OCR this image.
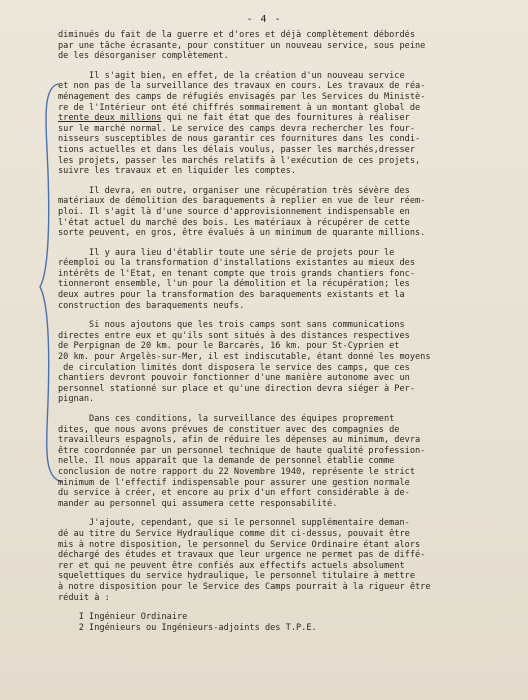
- 4 -
diminués du fait de la guerre et d'ores et déjà complètement débordés
par une tâche écrasante, pour constituer un nouveau service, sous peine
de les désorganiser complètement.
Il s'agit bien, en effet, de la création d'un nouveau service
et non pas de la surveillance des travaux en cours. Les travaux de réa-
ménagement des camps de réfugiés envisagés par les Services du Ministè-
re de l'Intérieur ont été chiffrés sommairement à un montant global de
trente deux millions qui ne fait état que des fournitures à réaliser
sur le marché normal. Le service des camps devra rechercher les four-
nisseurs susceptibles de nous garantir ces fournitures dans les condi-
tions actuelles et dans les délais voulus, passer les marchés,dresser
les projets, passer les marchés relatifs à l'exécution de ces projets,
suivre les travaux et en liquider les comptes.
Il devra, en outre, organiser une récupération très sévère des
matériaux de démolition des baraquements à replier en vue de leur réem-
ploi. Il s'agit là d'une source d'approvisionnement indispensable en
l'état actuel du marché des bois. Les matériaux à récupérer de cette
sorte peuvent, en gros, être évalués à un minimum de quarante millions.
Il y aura lieu d'établir toute une série de projets pour le
réemploi ou la transformation d'installations existantes au mieux des
intérêts de l'Etat, en tenant compte que trois grands chantiers fonc-
tionneront ensemble, l'un pour la démolition et la récupération; les
deux autres pour la transformation des baraquements existants et la
construction des baraquements neufs.
Si nous ajoutons que les trois camps sont sans communications
directes entre eux et qu'ils sont situés à des distances respectives
de Perpignan de 20 km. pour le Barcarès, 16 km. pour St-Cyprien et
20 km. pour Argelès-sur-Mer, il est indiscutable, étant donné les moyens
de circulation limités dont disposera le service des camps, que ces
chantiers devront pouvoir fonctionner d'une manière autonome avec un
personnel stationné sur place et qu'une direction devra siéger à Per-
pignan.
Dans ces conditions, la surveillance des équipes proprement
dites, que nous avons prévues de constituer avec des compagnies de
travailleurs espagnols, afin de réduire les dépenses au minimum, devra
être coordonnée par un personnel technique de haute qualité profession-
nelle. Il nous apparaît que la demande de personnel établie comme
conclusion de notre rapport du 22 Novembre 1940, représente le strict
minimum de l'effectif indispensable pour assurer une gestion normale
du service à créer, et encore au prix d'un effort considérable à de-
mander au personnel qui assumera cette responsabilité.
J'ajoute, cependant, que si le personnel supplémentaire deman-
dé au titre du Service Hydraulique comme dit ci-dessus, pouvait être
mis à notre disposition, le personnel du Service Ordinaire étant alors
déchargé des études et travaux que leur urgence ne permet pas de diffé-
rer et qui ne peuvent être confiés aux effectifs actuels absolument
squelettiques du service hydraulique, le personnel titulaire à mettre
à notre disposition pour le Service des Camps pourrait à la rigueur être
réduit à :
I Ingénieur Ordinaire
2 Ingénieurs ou Ingénieurs-adjoints des T.P.E.
